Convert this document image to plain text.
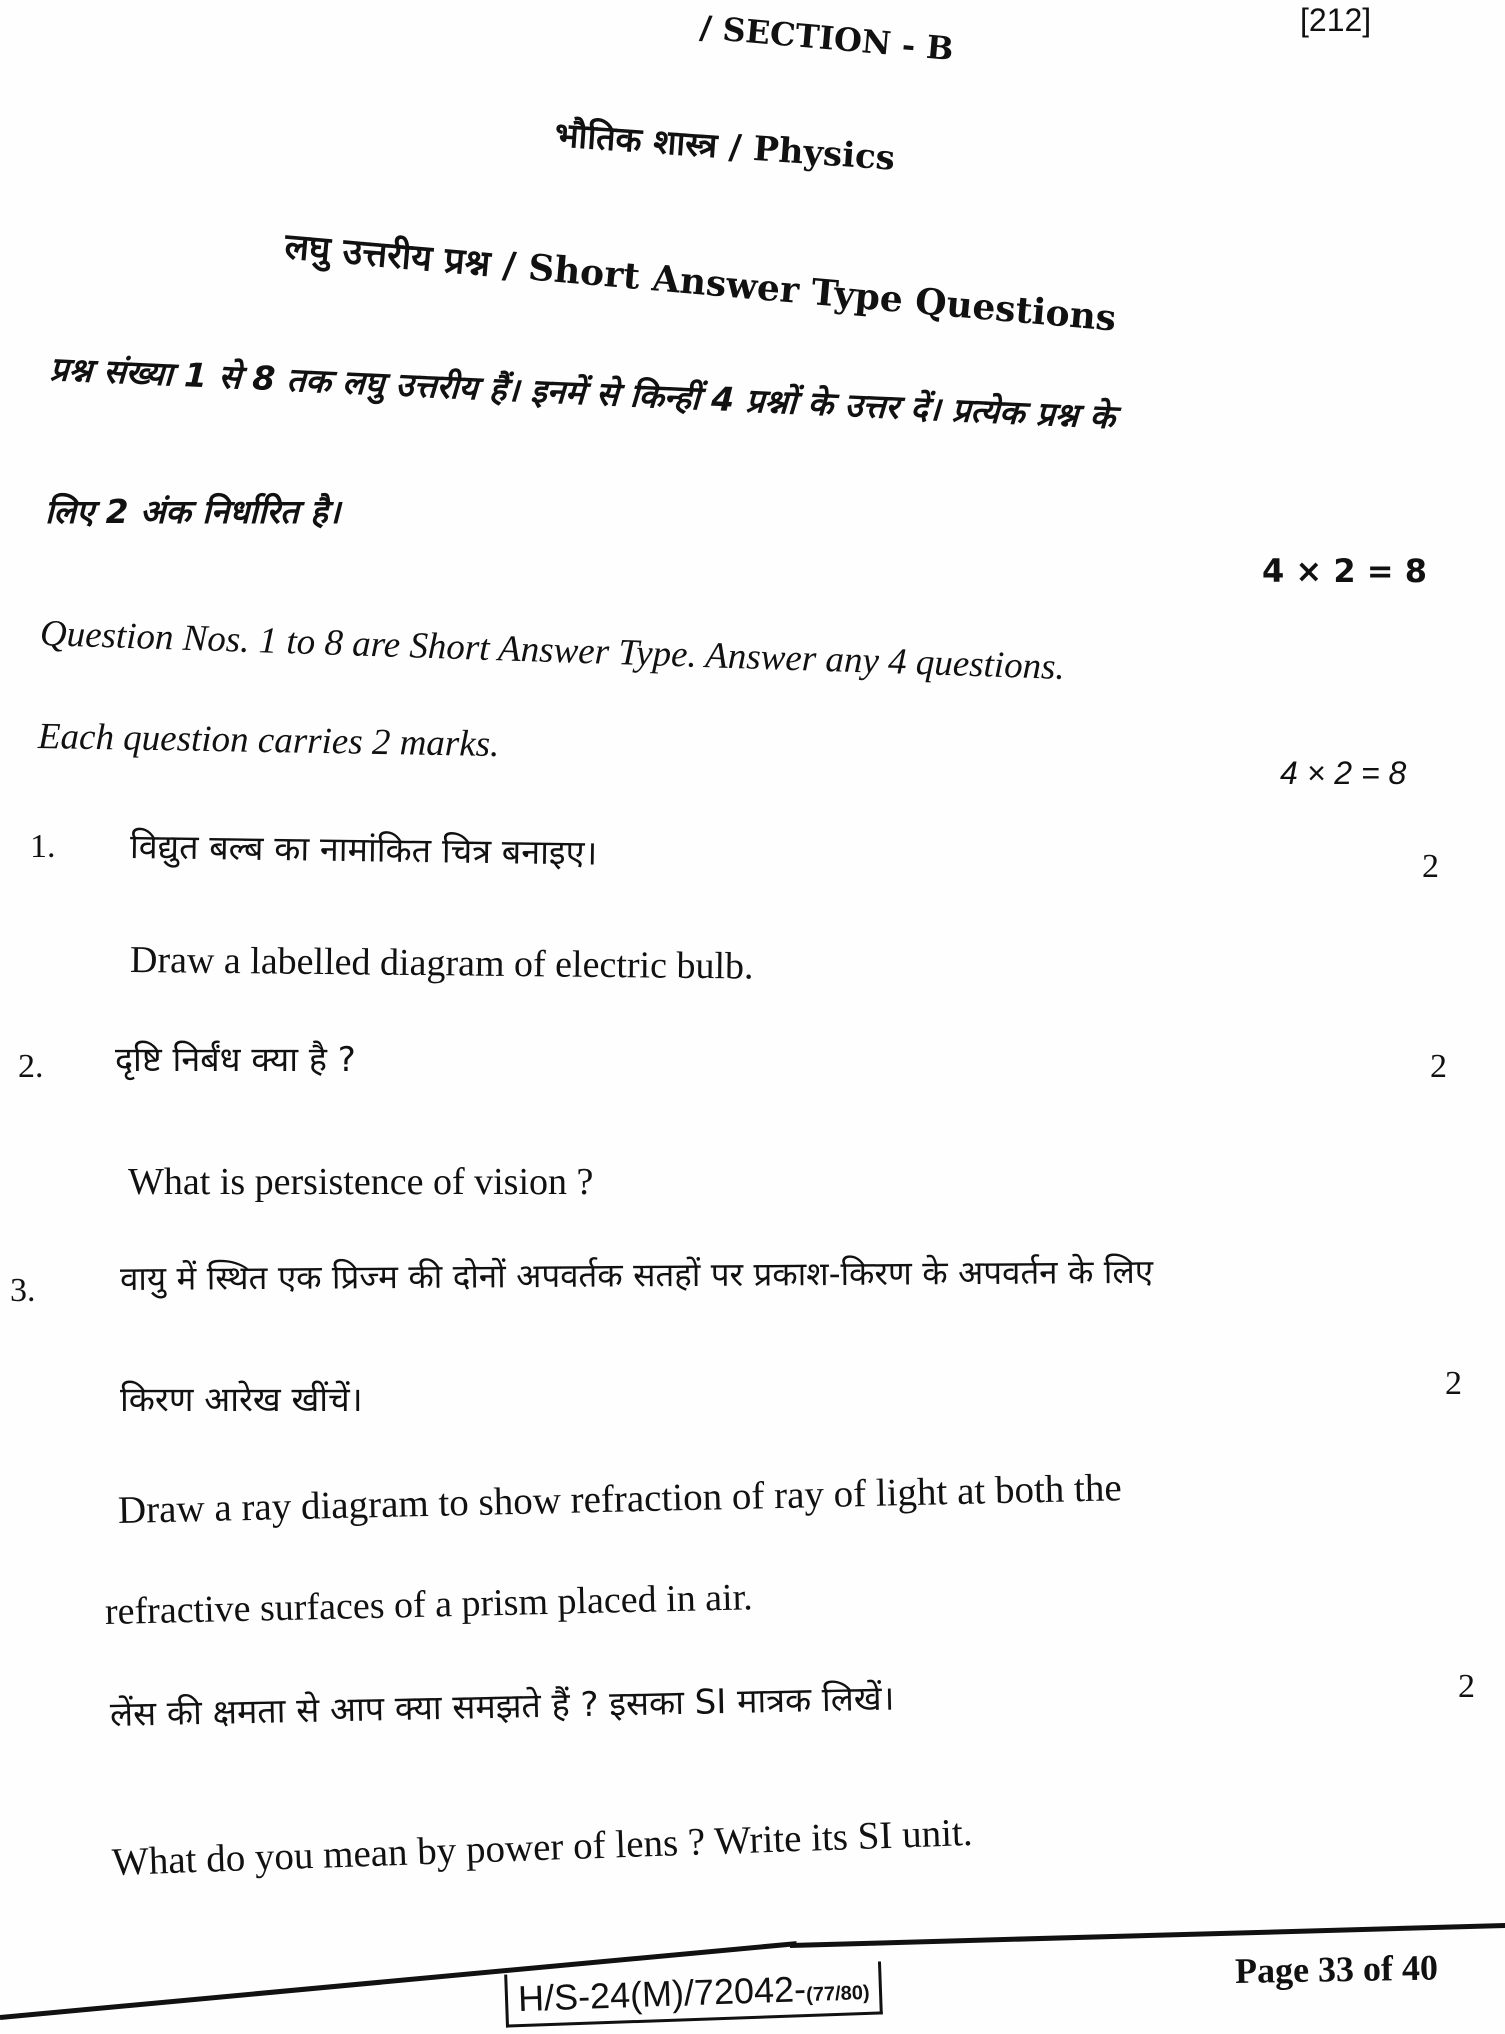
/ SECTION - B	[212]
भौतिक शास्त्र / Physics
लघु उत्तरीय प्रश्न / Short Answer Type Questions
प्रश्न संख्या 1 से 8 तक लघु उत्तरीय हैं। इनमें से किन्हीं 4 प्रश्नों के उत्तर दें। प्रत्येक प्रश्न के
लिए 2 अंक निर्धारित है।
4 × 2 = 8
Question Nos. 1 to 8 are Short Answer Type. Answer any 4 questions.
Each question carries 2 marks.
4 × 2 = 8
1. विद्युत बल्ब का नामांकित चित्र बनाइए।	2
Draw a labelled diagram of electric bulb.
2. दृष्टि निर्बंध क्या है ?	2
What is persistence of vision ?
3.	वायु में स्थित एक प्रिज्म की दोनों अपवर्तक सतहों पर प्रकाश-किरण के अपवर्तन के लिए
किरण आरेख खींचें।	2
Draw a ray diagram to show refraction of ray of light at both the
refractive surfaces of a prism placed in air.
लेंस की क्षमता से आप क्या समझते हैं ? इसका SI मात्रक लिखें।	2
What do you mean by power of lens ? Write its SI unit.
H/S-24(M)/72042-(77/80)
Page 33 of 40
